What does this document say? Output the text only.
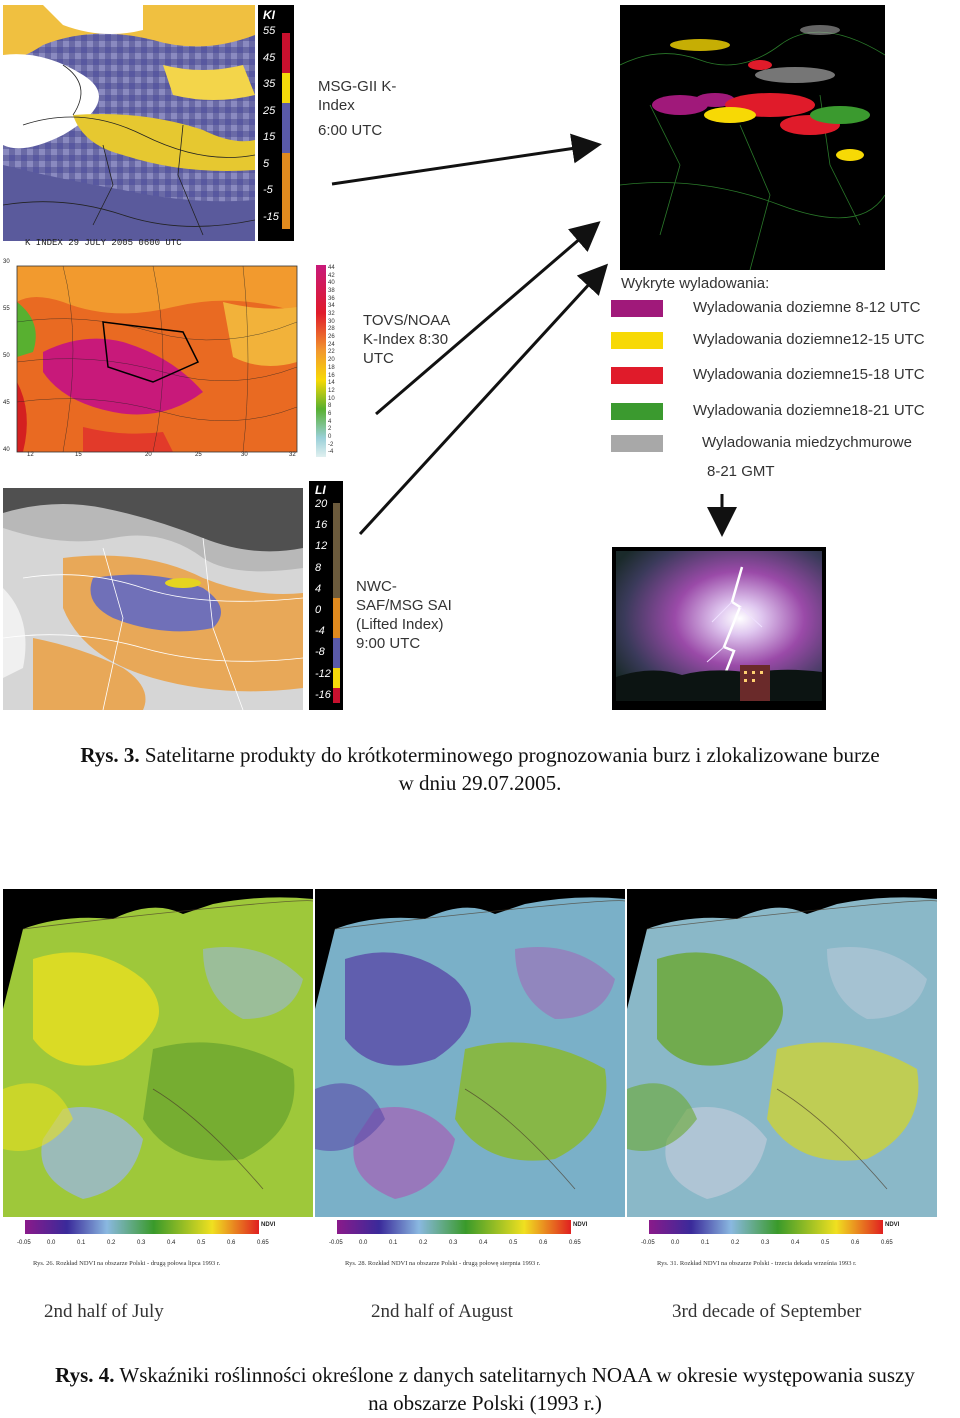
K INDEX 29 JULY 2005 0600 UTC
KI
55
45
35
25
15
5
-5
-15
MSG-GII K-
Index
6:00 UTC
30
55
50
45
40
12	15	20	25	30	32
44
42
40
38
36
34
32
30
28
26
24
22
20
18
16
14
12
10
8
6
4
2
0
-2
-4
TOVS/NOAA
K-Index 8:30
UTC
Wykryte wyladowania:
Wyladowania doziemne 8-12 UTC
Wyladowania doziemne12-15 UTC
Wyladowania doziemne15-18 UTC
Wyladowania doziemne18-21 UTC
Wyladowania miedzychmurowe
8-21 GMT
LI
20
16
12
8
4
0
-4
-8
-12
-16
NWC-
SAF/MSG SAI
(Lifted Index)
9:00 UTC
Rys. 3. Satelitarne produkty do krótkoterminowego prognozowania burz i zlokalizowane burze
w dniu 29.07.2005.
NDVI
-0.05	0.0	0.1	0.2	0.3	0.4	0.5	0.6	0.65
Rys. 26. Rozkład NDVI na obszarze Polski - drugą połowa lipca 1993 r.
2nd half of July
NDVI
-0.05	0.0	0.1	0.2	0.3	0.4	0.5	0.6	0.65
Rys. 28. Rozkład NDVI na obszarze Polski - drugą połowę sierpnia 1993 r.
2nd half of August
NDVI
-0.05	0.0	0.1	0.2	0.3	0.4	0.5	0.6	0.65
Rys. 31. Rozkład NDVI na obszarze Polski - trzecia dekada września 1993 r.
3rd decade of September
Rys. 4. Wskaźniki roślinności określone z danych satelitarnych NOAA w okresie występowania suszy
na obszarze Polski (1993 r.)
